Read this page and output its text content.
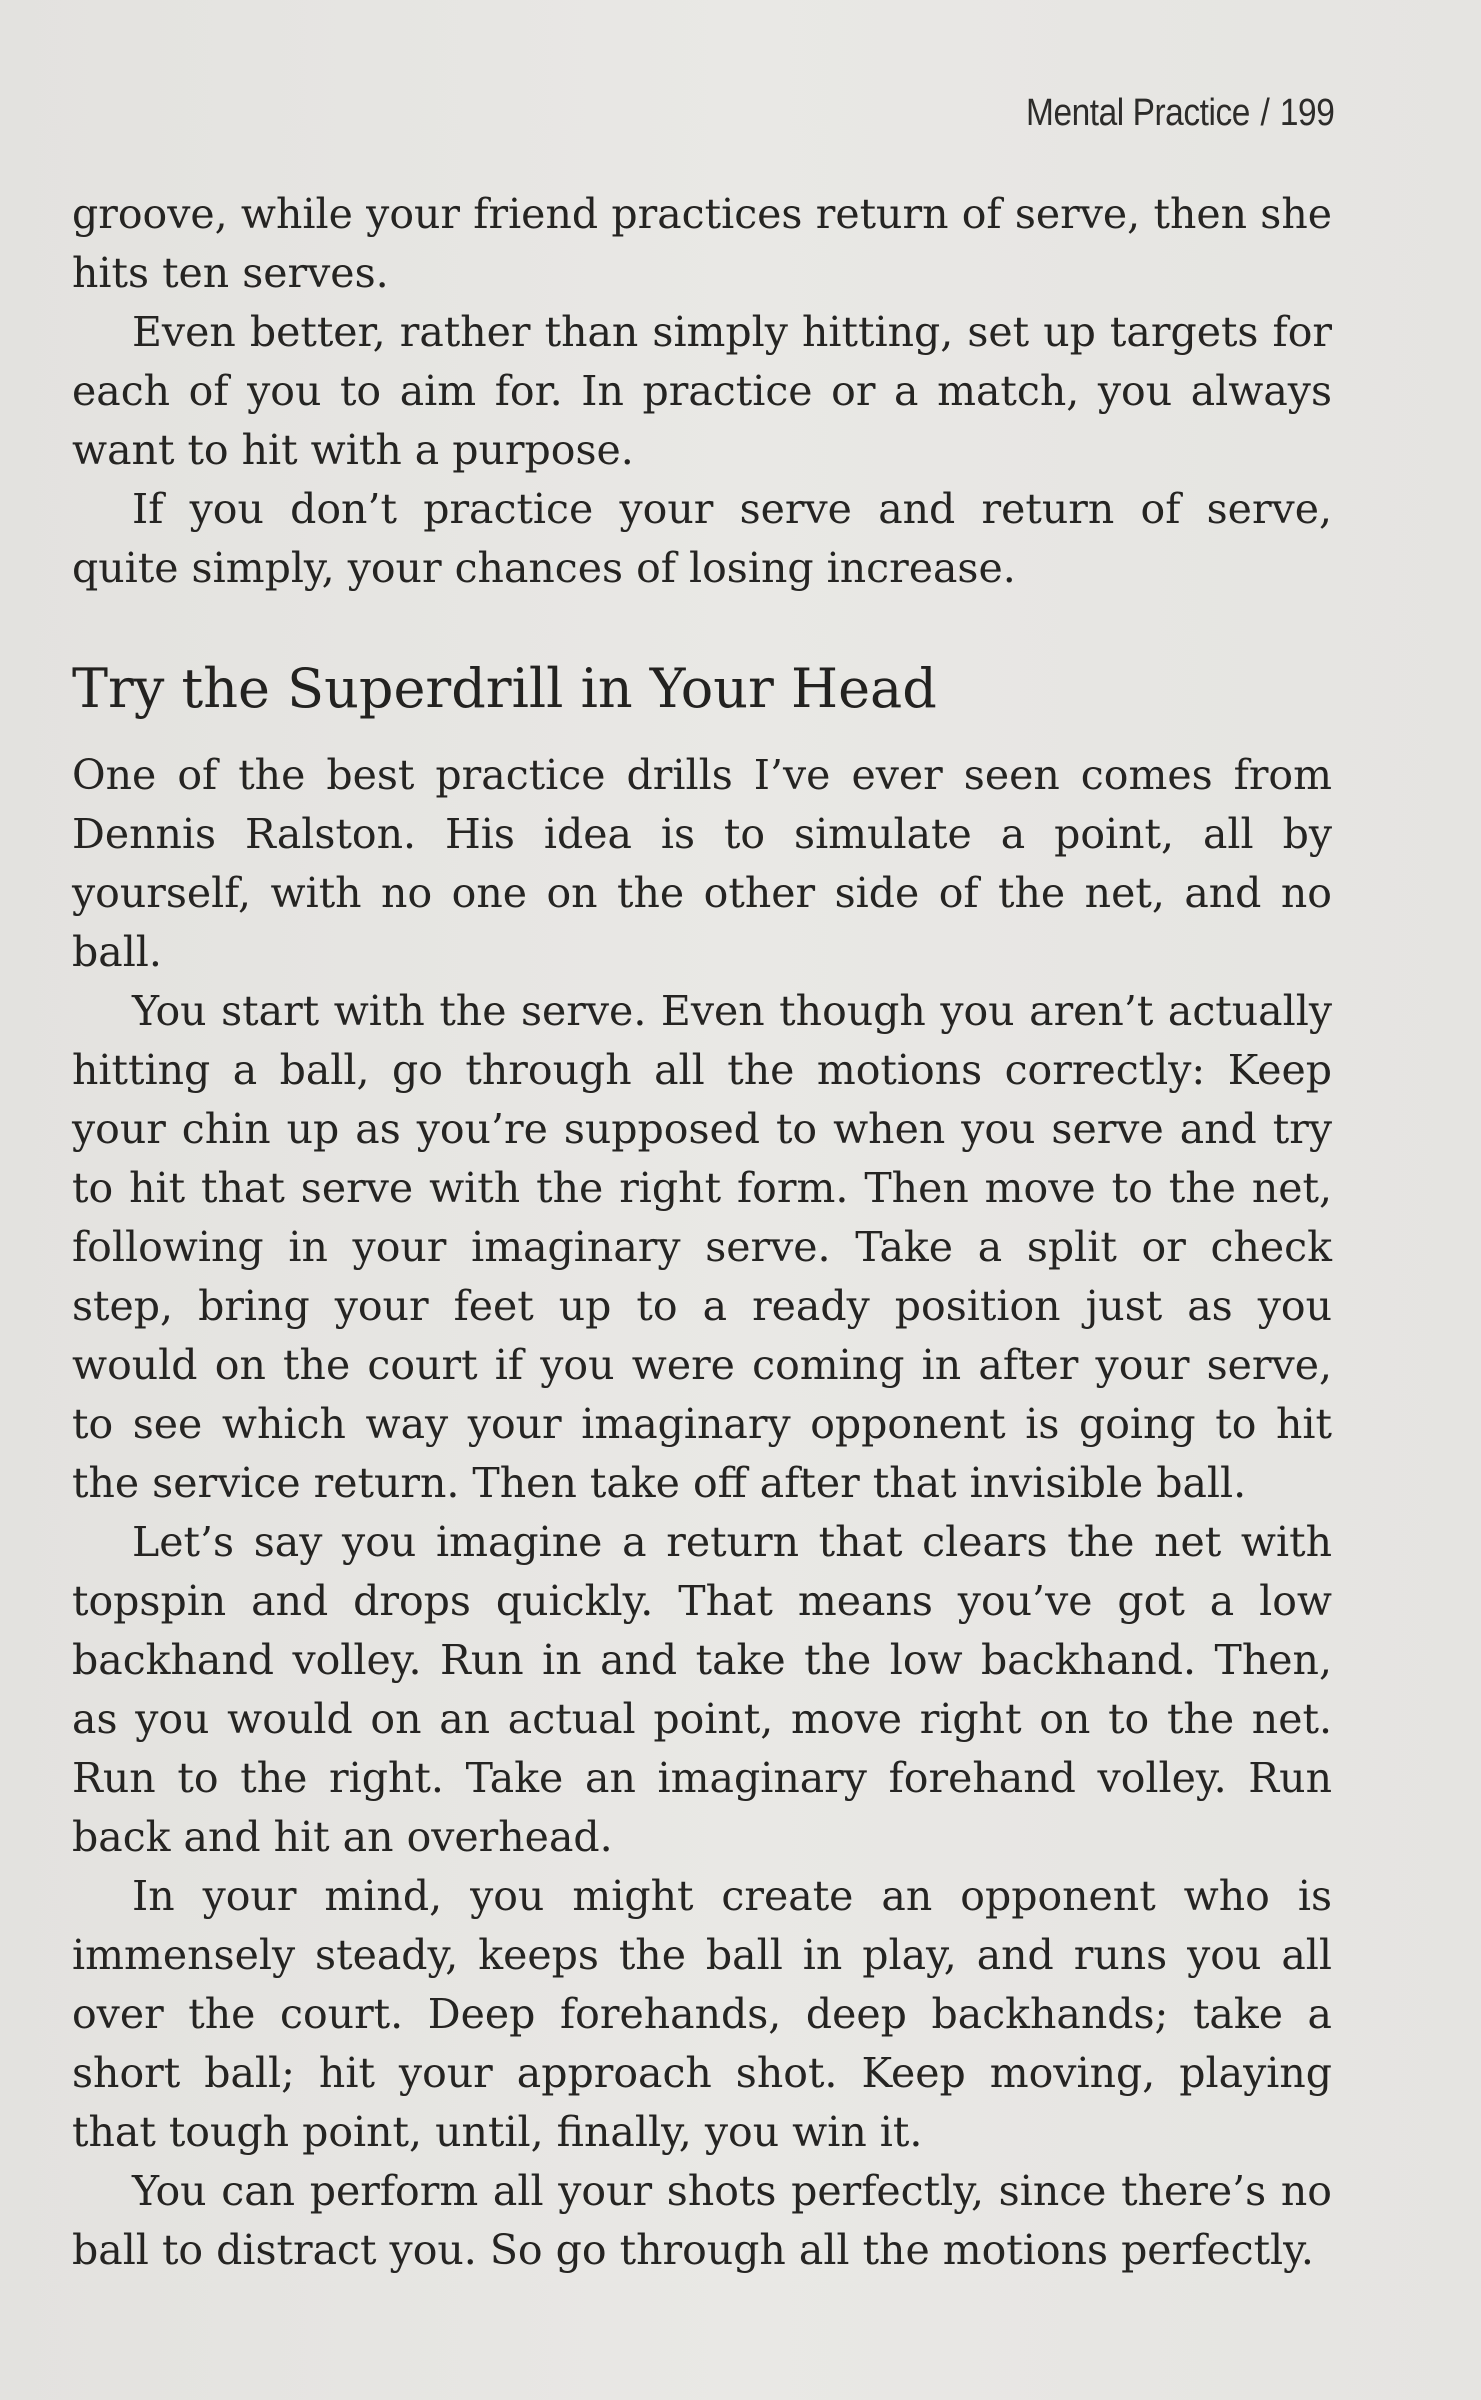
Mental Practice / 199

groove, while your friend practices return of serve, then she hits ten serves.

Even better, rather than simply hitting, set up targets for each of you to aim for. In practice or a match, you always want to hit with a purpose.

If you don’t practice your serve and return of serve, quite simply, your chances of losing increase.

Try the Superdrill in Your Head

One of the best practice drills I’ve ever seen comes from Dennis Ralston. His idea is to simulate a point, all by yourself, with no one on the other side of the net, and no ball.

You start with the serve. Even though you aren’t actually hitting a ball, go through all the motions correctly: Keep your chin up as you’re supposed to when you serve and try to hit that serve with the right form. Then move to the net, following in your imaginary serve. Take a split or check step, bring your feet up to a ready position just as you would on the court if you were coming in after your serve, to see which way your imaginary opponent is going to hit the service return. Then take off after that invisible ball.

Let’s say you imagine a return that clears the net with topspin and drops quickly. That means you’ve got a low backhand volley. Run in and take the low backhand. Then, as you would on an actual point, move right on to the net. Run to the right. Take an imaginary forehand volley. Run back and hit an overhead.

In your mind, you might create an opponent who is immensely steady, keeps the ball in play, and runs you all over the court. Deep forehands, deep backhands; take a short ball; hit your approach shot. Keep moving, playing that tough point, until, finally, you win it.

You can perform all your shots perfectly, since there’s no ball to distract you. So go through all the motions perfectly.
